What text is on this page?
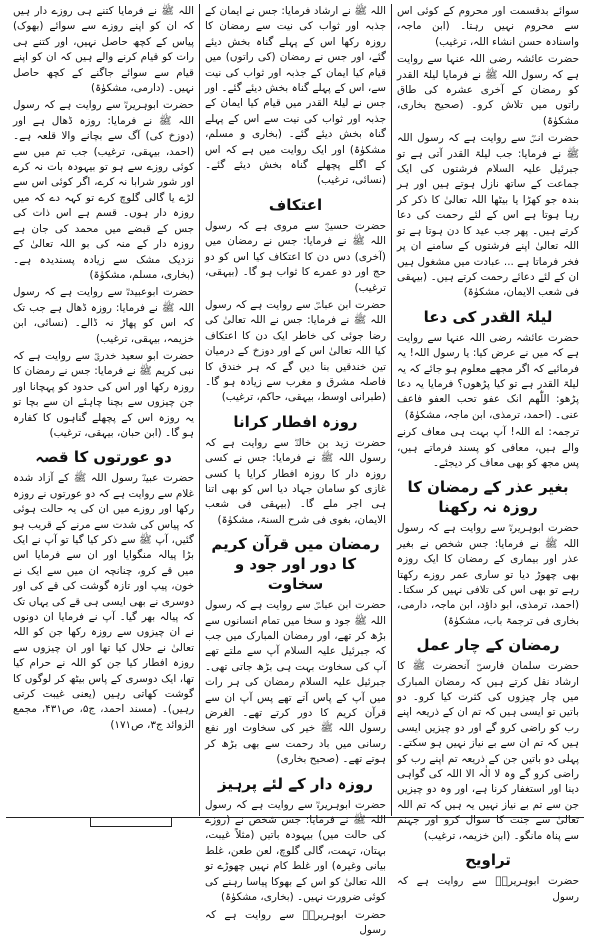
سوائے بدقسمت اور محروم کے کوئی اس سے محروم نہیں رہتا۔ (ابن ماجہ، واسنادہ حسن انشاء اللہ، ترغیب)

حضرت عائشہ رضی اللہ عنہا سے روایت ہے کہ رسول اللہ ﷺ نے فرمایا لیلۃ القدر کو رمضان کے آخری عشرہ کی طاق راتوں میں تلاش کرو۔ (صحیح بخاری، مشکوٰۃ)

حضرت انسؓ سے روایت ہے کہ رسول اللہ ﷺ نے فرمایا: جب لیلۃ القدر آتی ہے تو جبرئیل علیہ السلام فرشتوں کی ایک جماعت کے ساتھ نازل ہوتے ہیں اور ہر بندہ جو کھڑا یا بیٹھا اللہ تعالیٰ کا ذکر کر رہا ہوتا ہے اس کے لئے رحمت کی دعا کرتے ہیں۔ پھر جب عید کا دن ہوتا ہے تو اللہ تعالیٰ اپنے فرشتوں کے سامنے ان پر فخر فرماتا ہے ... عبادت میں مشغول ہیں ان کے لئے دعائے رحمت کرتے ہیں۔ (بیہقی فی شعب الایمان، مشکوٰۃ)

لیلۃ القدر کی دعا

حضرت عائشہ رضی اللہ عنہا سے روایت ہے کہ میں نے عرض کیا: یا رسول اللہ! یہ فرمائیے کہ اگر مجھے معلوم ہو جائے کہ یہ لیلۃ القدر ہے تو کیا پڑھوں؟ فرمایا یہ دعا پڑھو: اللّٰھم انک عفو تحب العفو فاعف عنی۔ (احمد، ترمذی، ابن ماجہ، مشکوٰۃ)

ترجمہ: اے اللہ! آپ بہت ہی معاف کرنے والے ہیں، معافی کو پسند فرماتے ہیں، پس مجھ کو بھی معاف کر دیجئے۔

بغیر عذر کے رمضان کا روزہ نہ رکھنا

حضرت ابوہریرہؓ سے روایت ہے کہ رسول اللہ ﷺ نے فرمایا: جس شخص نے بغیر عذر اور بیماری کے رمضان کا ایک روزہ بھی چھوڑ دیا تو ساری عمر روزے رکھتا رہے تو بھی اس کی تلافی نہیں کر سکتا۔ (احمد، ترمذی، ابو داؤد، ابن ماجہ، دارمی، بخاری فی ترجمۃ باب، مشکوٰۃ)

رمضان کے چار عمل

حضرت سلمان فارسیؓ آنحضرت ﷺ کا ارشاد نقل کرتے ہیں کہ رمضان المبارک میں چار چیزوں کی کثرت کیا کرو۔ دو باتیں تو ایسی ہیں کہ تم ان کے ذریعہ اپنے رب کو راضی کرو گے اور دو چیزیں ایسی ہیں کہ تم ان سے بے نیاز نہیں ہو سکتے۔ پہلی دو باتیں جن کے ذریعہ تم اپنے رب کو راضی کرو گے وہ لا الٰہ الا اللہ کی گواہی دینا اور استغفار کرنا ہے، اور وہ دو چیزیں جن سے تم بے نیاز نہیں یہ ہیں کہ تم اللہ تعالیٰ سے جنت کا سوال کرو اور جہنم سے پناہ مانگو۔ (ابن خزیمہ، ترغیب)

تراویح

حضرت ابوہریرہؓ سے روایت ہے کہ رسول

اللہ ﷺ نے ارشاد فرمایا: جس نے ایمان کے جذبہ اور ثواب کی نیت سے رمضان کا روزہ رکھا اس کے پہلے گناہ بخش دیئے گئے، اور جس نے رمضان (کی راتوں) میں قیام کیا ایمان کے جذبہ اور ثواب کی نیت سے، اس کے پہلے گناہ بخش دیئے گئے۔ اور جس نے لیلۃ القدر میں قیام کیا ایمان کے جذبہ اور ثواب کی نیت سے اس کے پہلے گناہ بخش دیئے گئے۔ (بخاری و مسلم، مشکوٰۃ) اور ایک روایت میں ہے کہ اس کے اگلے پچھلے گناہ بخش دیئے گئے۔ (نسائی، ترغیب)

اعتکاف

حضرت حسینؓ سے مروی ہے کہ رسول اللہ ﷺ نے فرمایا: جس نے رمضان میں (آخری) دس دن کا اعتکاف کیا اس کو دو حج اور دو عمرے کا ثواب ہو گا۔ (بیہقی، ترغیب)

حضرت ابن عباسؓ سے روایت ہے کہ رسول اللہ ﷺ نے فرمایا: جس نے اللہ تعالیٰ کی رضا جوئی کی خاطر ایک دن کا اعتکاف کیا اللہ تعالیٰ اس کے اور دوزخ کے درمیان تین خندقیں بنا دیں گے کہ ہر خندق کا فاصلہ مشرق و مغرب سے زیادہ ہو گا۔ (طبرانی اوسط، بیہقی، حاکم، ترغیب)

روزہ افطار کرانا

حضرت زید بن خالدؓ سے روایت ہے کہ رسول اللہ ﷺ نے فرمایا: جس نے کسی روزہ دار کا روزہ افطار کرایا یا کسی غازی کو سامان جہاد دیا اس کو بھی اتنا ہی اجر ملے گا۔ (بیہقی فی شعب الایمان، بغوی فی شرح السنۃ، مشکوٰۃ)

رمضان میں قرآن کریم کا دور اور جود و سخاوت

حضرت ابن عباسؓ سے روایت ہے کہ رسول اللہ ﷺ جود و سخا میں تمام انسانوں سے بڑھ کر تھے، اور رمضان المبارک میں جب کہ جبرئیل علیہ السلام آپ سے ملتے تھے آپ کی سخاوت بہت ہی بڑھ جاتی تھی۔ جبرئیل علیہ السلام رمضان کی ہر رات میں آپ کے پاس آتے تھے پس آپ ان سے قرآن کریم کا دور کرتے تھے۔ الغرض رسول اللہ ﷺ خیر کی سخاوت اور نفع رسانی میں باد رحمت سے بھی بڑھ کر ہوتے تھے۔ (صحیح بخاری)

روزہ دار کے لئے پرہیز

حضرت ابوہریرہؓ سے روایت ہے کہ رسول اللہ ﷺ نے فرمایا: جس شخص نے (روزے کی حالت میں) بیہودہ باتیں (مثلاً غیبت، بہتان، تہمت، گالی گلوچ، لعن طعن، غلط بیانی وغیرہ) اور غلط کام نہیں چھوڑے تو اللہ تعالیٰ کو اس کے بھوکا پیاسا رہنے کی کوئی ضرورت نہیں۔ (بخاری، مشکوٰۃ)

حضرت ابوہریرہؓ سے روایت ہے کہ رسول

اللہ ﷺ نے فرمایا کتنے ہی روزے دار ہیں کہ ان کو اپنے روزے سے سوائے (بھوک) پیاس کے کچھ حاصل نہیں، اور کتنے ہی رات کو قیام کرنے والے ہیں کہ ان کو اپنے قیام سے سوائے جاگنے کے کچھ حاصل نہیں۔ (دارمی، مشکوٰۃ)

حضرت ابوہریرہؓ سے روایت ہے کہ رسول اللہ ﷺ نے فرمایا: روزہ ڈھال ہے اور (دوزخ کی) آگ سے بچانے والا قلعہ ہے۔ (احمد، بیہقی، ترغیب) جب تم میں سے کوئی روزے سے ہو تو بیہودہ بات نہ کرے اور شور شرابا نہ کرے، اگر کوئی اس سے لڑے یا گالی گلوچ کرے تو کہہ دے کہ میں روزہ دار ہوں۔ قسم ہے اس ذات کی جس کے قبضے میں محمد کی جان ہے روزہ دار کے منہ کی بو اللہ تعالیٰ کے نزدیک مشک سے زیادہ پسندیدہ ہے۔ (بخاری، مسلم، مشکوٰۃ)

حضرت ابوعبیدہؓ سے روایت ہے کہ رسول اللہ ﷺ نے فرمایا: روزہ ڈھال ہے جب تک کہ اس کو پھاڑ نہ ڈالے۔ (نسائی، ابن خزیمہ، بیہقی، ترغیب)

حضرت ابو سعید خدریؓ سے روایت ہے کہ نبی کریم ﷺ نے فرمایا: جس نے رمضان کا روزہ رکھا اور اس کی حدود کو پہچانا اور جن چیزوں سے بچنا چاہئے ان سے بچا تو یہ روزہ اس کے پچھلے گناہوں کا کفارہ ہو گا۔ (ابن حبان، بیہقی، ترغیب)

دو عورتوں کا قصہ

حضرت عبیدؓ رسول اللہ ﷺ کے آزاد شدہ غلام سے روایت ہے کہ دو عورتوں نے روزہ رکھا اور روزے میں ان کی یہ حالت ہوئی کہ پیاس کی شدت سے مرنے کے قریب ہو گئیں، آپ ﷺ سے ذکر کیا گیا تو آپ نے ایک بڑا پیالہ منگوایا اور ان سے فرمایا اس میں قے کرو، چنانچہ ان میں سے ایک نے خون، پیپ اور تازہ گوشت کی قے کی اور دوسری نے بھی ایسی ہی قے کی یہاں تک کہ پیالہ بھر گیا۔ آپ نے فرمایا ان دونوں نے ان چیزوں سے روزہ رکھا جن کو اللہ تعالیٰ نے حلال کیا تھا اور ان چیزوں سے روزہ افطار کیا جن کو اللہ نے حرام کیا تھا، ایک دوسری کے پاس بیٹھ کر لوگوں کا گوشت کھاتی رہیں (یعنی غیبت کرتی رہیں)۔ (مسند احمد، ج۵، ص۴۳۱، مجمع الزوائد ج۳، ص۱۷۱)
